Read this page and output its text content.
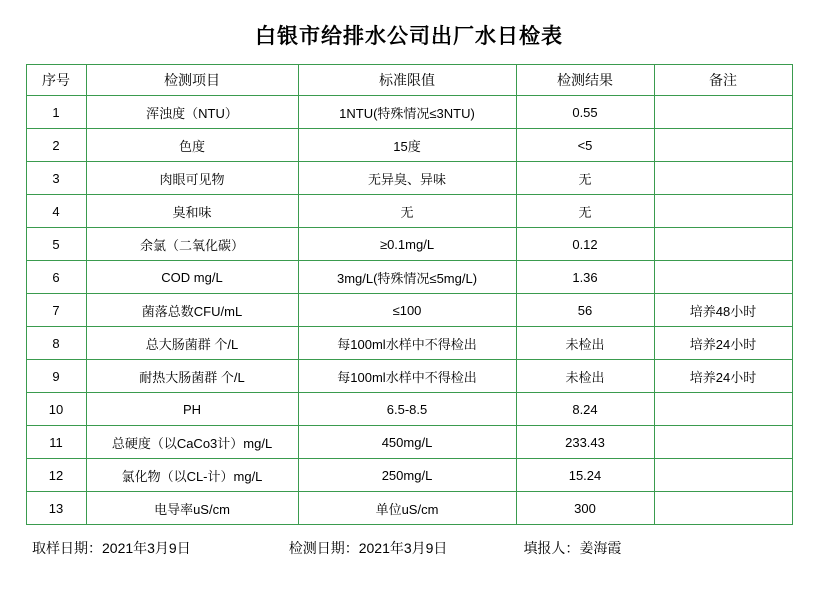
白银市给排水公司出厂水日检表
序号	检测项目	标准限值	检测结果	备注
1	浑浊度（NTU）	1NTU(特殊情况≤3NTU)	0.55	
2	色度	15度	<5	
3	肉眼可见物	无异臭、异味	无	
4	臭和味	无	无	
5	余氯（二氧化碳）	≥0.1mg/L	0.12	
6	COD mg/L	3mg/L(特殊情况≤5mg/L)	1.36	
7	菌落总数CFU/mL	≤100	56	培养48小时
8	总大肠菌群 个/L	每100ml水样中不得检出	未检出	培养24小时
9	耐热大肠菌群 个/L	每100ml水样中不得检出	未检出	培养24小时
10	PH	6.5-8.5	8.24	
11	总硬度（以CaCo3计）mg/L	450mg/L	233.43	
12	氯化物（以CL-计）mg/L	250mg/L	15.24	
13	电导率uS/cm	单位uS/cm	300	
取样日期：2021年3月9日	检测日期：2021年3月9日	填报人：姜海霞
